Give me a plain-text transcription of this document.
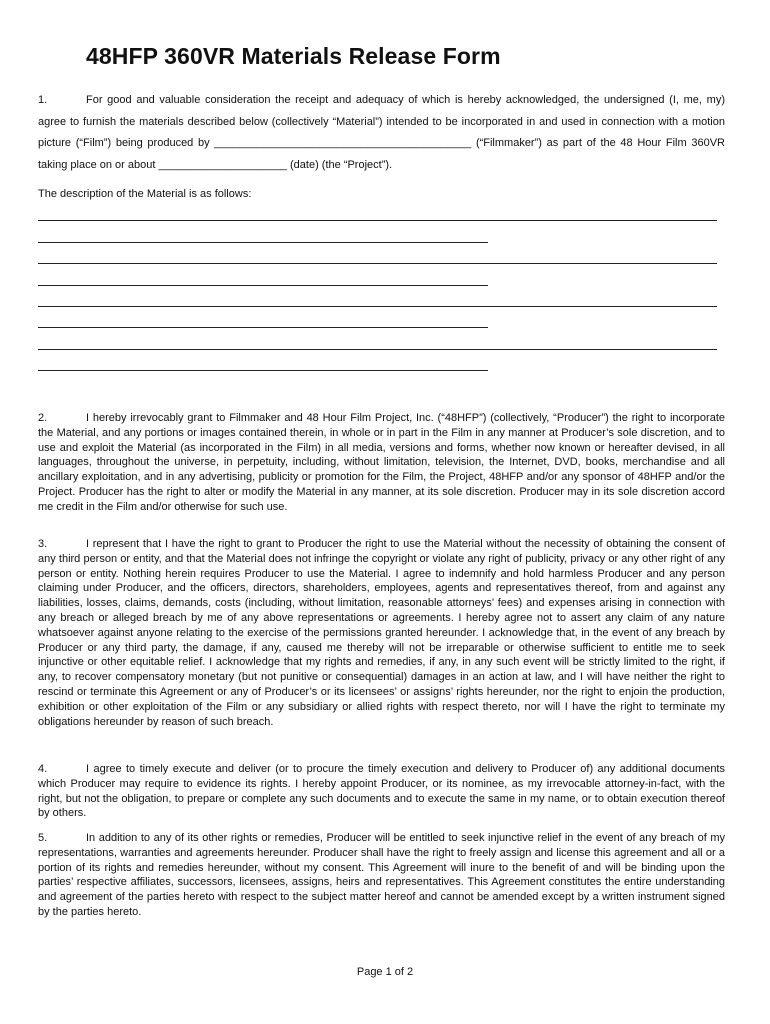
48HFP 360VR Materials Release Form

1.	For good and valuable consideration the receipt and adequacy of which is hereby acknowledged, the undersigned (I, me, my) agree to furnish the materials described below (collectively “Material”) intended to be incorporated in and used in connection with a motion picture (“Film”) being produced by __________________________________________ (“Filmmaker”) as part of the 48 Hour Film 360VR taking place on or about _____________________ (date) (the “Project”).

The description of the Material is as follows:

2.	I hereby irrevocably grant to Filmmaker and 48 Hour Film Project, Inc. (“48HFP”) (collectively, “Producer”) the right to incorporate the Material, and any portions or images contained therein, in whole or in part in the Film in any manner at Producer’s sole discretion, and to use and exploit the Material (as incorporated in the Film) in all media, versions and forms, whether now known or hereafter devised, in all languages, throughout the universe, in perpetuity, including, without limitation, television, the Internet, DVD, books, merchandise and all ancillary exploitation, and in any advertising, publicity or promotion for the Film, the Project, 48HFP and/or any sponsor of 48HFP and/or the Project. Producer has the right to alter or modify the Material in any manner, at its sole discretion. Producer may in its sole discretion accord me credit in the Film and/or otherwise for such use.

3.	I represent that I have the right to grant to Producer the right to use the Material without the necessity of obtaining the consent of any third person or entity, and that the Material does not infringe the copyright or violate any right of publicity, privacy or any other right of any person or entity. Nothing herein requires Producer to use the Material. I agree to indemnify and hold harmless Producer and any person claiming under Producer, and the officers, directors, shareholders, employees, agents and representatives thereof, from and against any liabilities, losses, claims, demands, costs (including, without limitation, reasonable attorneys’ fees) and expenses arising in connection with any breach or alleged breach by me of any above representations or agreements. I hereby agree not to assert any claim of any nature whatsoever against anyone relating to the exercise of the permissions granted hereunder. I acknowledge that, in the event of any breach by Producer or any third party, the damage, if any, caused me thereby will not be irreparable or otherwise sufficient to entitle me to seek injunctive or other equitable relief. I acknowledge that my rights and remedies, if any, in any such event will be strictly limited to the right, if any, to recover compensatory monetary (but not punitive or consequential) damages in an action at law, and I will have neither the right to rescind or terminate this Agreement or any of Producer’s or its licensees’ or assigns’ rights hereunder, nor the right to enjoin the production, exhibition or other exploitation of the Film or any subsidiary or allied rights with respect thereto, nor will I have the right to terminate my obligations hereunder by reason of such breach.

4.	I agree to timely execute and deliver (or to procure the timely execution and delivery to Producer of) any additional documents which Producer may require to evidence its rights. I hereby appoint Producer, or its nominee, as my irrevocable attorney-in-fact, with the right, but not the obligation, to prepare or complete any such documents and to execute the same in my name, or to obtain execution thereof by others.

5.	In addition to any of its other rights or remedies, Producer will be entitled to seek injunctive relief in the event of any breach of my representations, warranties and agreements hereunder. Producer shall have the right to freely assign and license this agreement and all or a portion of its rights and remedies hereunder, without my consent. This Agreement will inure to the benefit of and will be binding upon the parties’ respective affiliates, successors, licensees, assigns, heirs and representatives. This Agreement constitutes the entire understanding and agreement of the parties hereto with respect to the subject matter hereof and cannot be amended except by a written instrument signed by the parties hereto.

Page 1 of 2
